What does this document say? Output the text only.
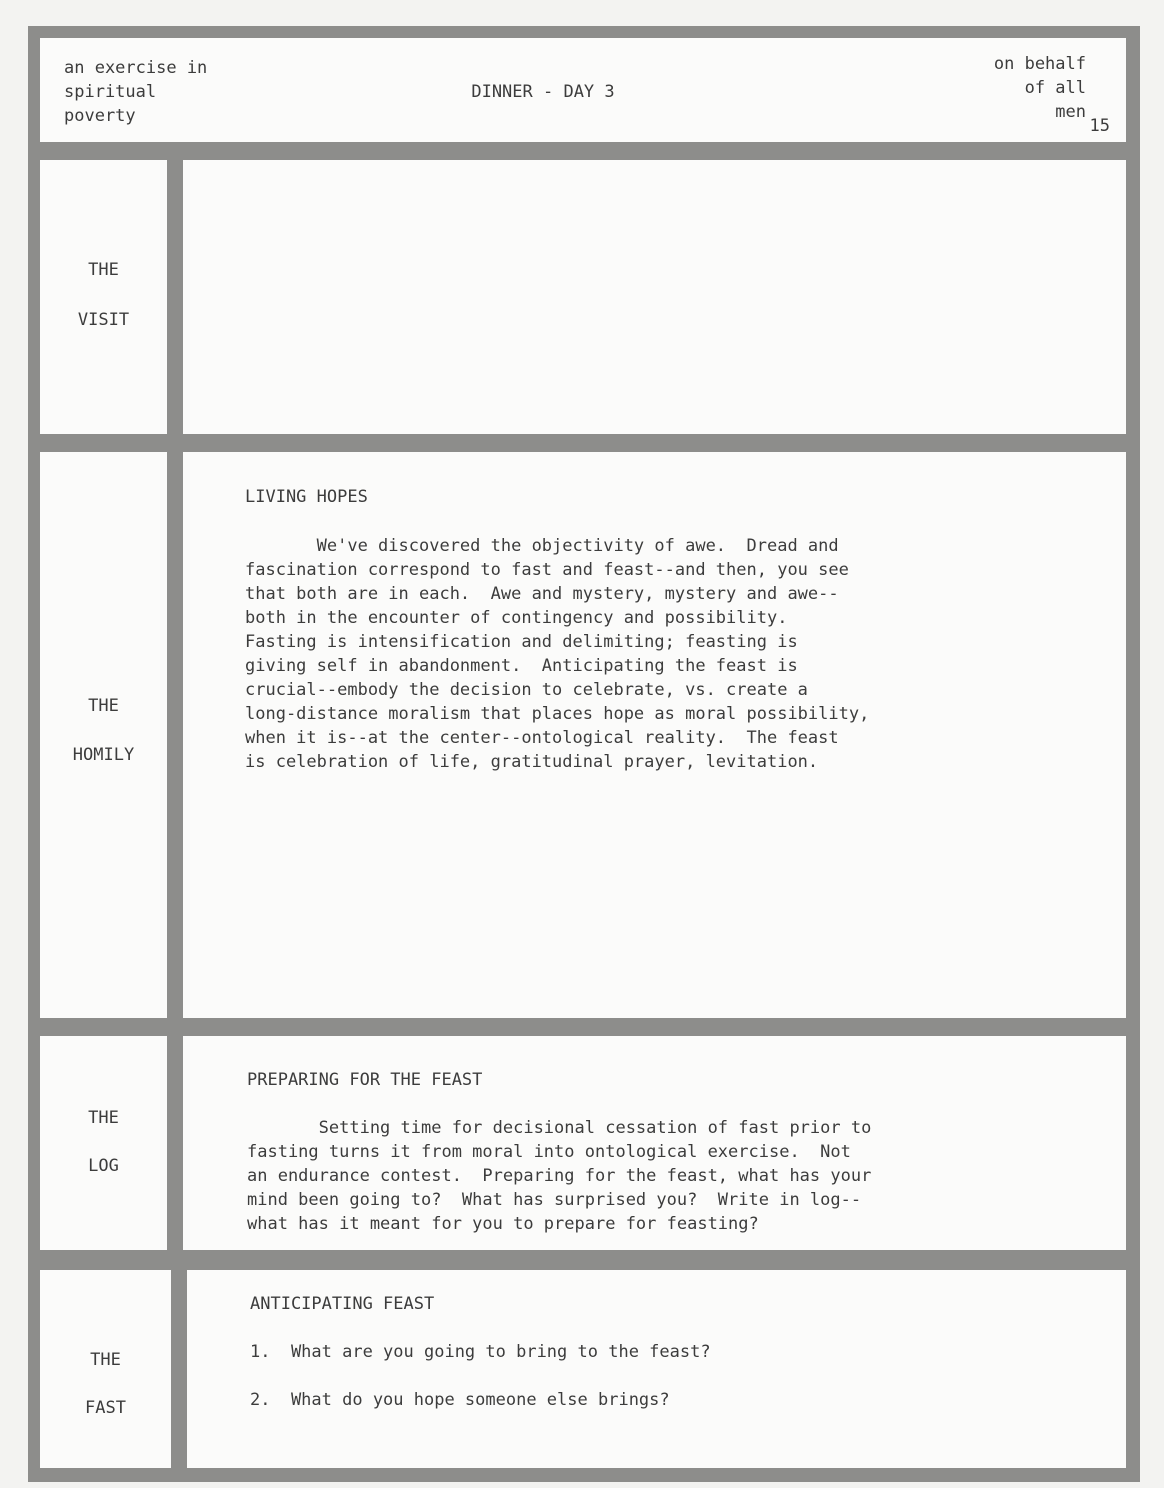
an exercise in
spiritual
poverty
DINNER - DAY 3
on behalf
of all
men
15
THE
VISIT
THE
HOMILY
LIVING HOPES
We've discovered the objectivity of awe.  Dread and
fascination correspond to fast and feast--and then, you see
that both are in each.  Awe and mystery, mystery and awe--
both in the encounter of contingency and possibility.
Fasting is intensification and delimiting; feasting is
giving self in abandonment.  Anticipating the feast is
crucial--embody the decision to celebrate, vs. create a
long-distance moralism that places hope as moral possibility,
when it is--at the center--ontological reality.  The feast
is celebration of life, gratitudinal prayer, levitation.
THE
LOG
PREPARING FOR THE FEAST
Setting time for decisional cessation of fast prior to
fasting turns it from moral into ontological exercise.  Not
an endurance contest.  Preparing for the feast, what has your
mind been going to?  What has surprised you?  Write in log--
what has it meant for you to prepare for feasting?
THE
FAST
ANTICIPATING FEAST
1.  What are you going to bring to the feast?
2.  What do you hope someone else brings?
